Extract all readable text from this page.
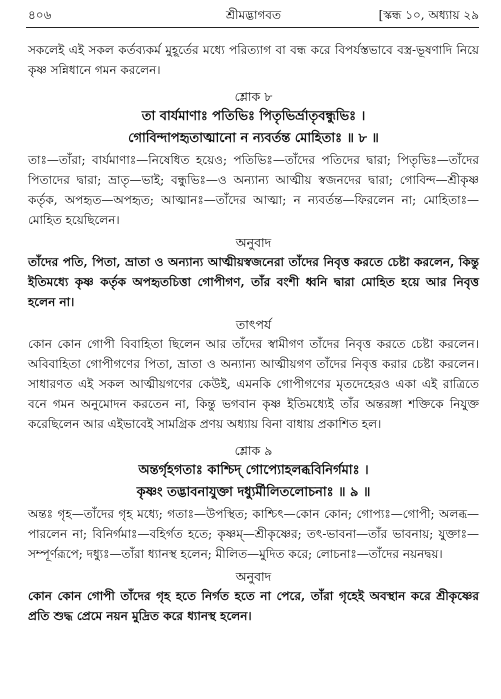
৪০৬	শ্রীমদ্ভাগবত	[স্কন্ধ ১০, অধ্যায় ২৯

সকলেই এই সকল কর্তব্যকর্ম মুহূর্তের মধ্যে পরিত্যাগ বা বন্ধ করে বিপর্যস্তভাবে বস্ত্র-ভূষণাদি নিয়ে কৃষ্ণ সন্নিধানে গমন করলেন।

শ্লোক ৮

তা বার্যমাণাঃ পতিভিঃ পিতৃভির্ভ্রাতৃবন্ধুভিঃ ।

গোবিন্দাপহৃতাত্মানো ন ন্যবর্তন্ত মোহিতাঃ ॥ ৮ ॥

তাঃ—তাঁরা; বার্যমাণাঃ—নিষেধিত হয়েও; পতিভিঃ—তাঁদের পতিদের দ্বারা; পিতৃভিঃ—তাঁদের পিতাদের দ্বারা; ভ্রাতৃ—ভাই; বন্ধুভিঃ—ও অন্যান্য আত্মীয় স্বজনদের দ্বারা; গোবিন্দ—শ্রীকৃষ্ণ কর্তৃক, অপহৃত—অপহৃত; আত্মানঃ—তাঁদের আত্মা; ন ন্যবর্তন্ত—ফিরলেন না; মোহিতাঃ—মোহিত হয়েছিলেন।

অনুবাদ

তাঁদের পতি, পিতা, ভ্রাতা ও অন্যান্য আত্মীয়স্বজনেরা তাঁদের নিবৃত্ত করতে চেষ্টা করলেন, কিন্তু ইতিমধ্যে কৃষ্ণ কর্তৃক অপহৃতচিত্তা গোপীগণ, তাঁর বংশী ধ্বনি দ্বারা মোহিত হয়ে আর নিবৃত্ত হলেন না।

তাৎপর্য

কোন কোন গোপী বিবাহিতা ছিলেন আর তাঁদের স্বামীগণ তাঁদের নিবৃত্ত করতে চেষ্টা করলেন। অবিবাহিতা গোপীগণের পিতা, ভ্রাতা ও অন্যান্য আত্মীয়গণ তাঁদের নিবৃত্ত করার চেষ্টা করলেন। সাধারণত এই সকল আত্মীয়গণের কেউই, এমনকি গোপীগণের মৃতদেহেরও একা এই রাত্রিতে বনে গমন অনুমোদন করতেন না, কিন্তু ভগবান কৃষ্ণ ইতিমধ্যেই তাঁর অন্তরঙ্গা শক্তিকে নিযুক্ত করেছিলেন আর এইভাবেই সামগ্রিক প্রণয় অধ্যায় বিনা বাধায় প্রকাশিত হল।

শ্লোক ৯

অন্তর্গৃহগতাঃ কাশ্চিদ্ গোপ্যোহলব্ধবিনির্গমাঃ ।

কৃষ্ণং তদ্ভাবনাযুক্তা দধ্যুর্মীলিতলোচনাঃ ॥ ৯ ॥

অন্তঃ গৃহ—তাঁদের গৃহ মধ্যে; গতাঃ—উপস্থিত; কাশ্চিৎ—কোন কোন; গোপ্যঃ—গোপী; অলব্ধ—পারলেন না; বিনির্গমাঃ—বহির্গত হতে; কৃষ্ণম্—শ্রীকৃষ্ণের; তৎ-ভাবনা—তাঁর ভাবনায়; যুক্তাঃ—সম্পূর্ণরূপে; দধ্যুঃ—তাঁরা ধ্যানস্থ হলেন; মীলিত—মুদিত করে; লোচনাঃ—তাঁদের নয়নদ্বয়।

অনুবাদ

কোন কোন গোপী তাঁদের গৃহ হতে নির্গত হতে না পেরে, তাঁরা গৃহেই অবস্থান করে শ্রীকৃষ্ণের প্রতি শুদ্ধ প্রেমে নয়ন মুদ্রিত করে ধ্যানস্থ হলেন।
